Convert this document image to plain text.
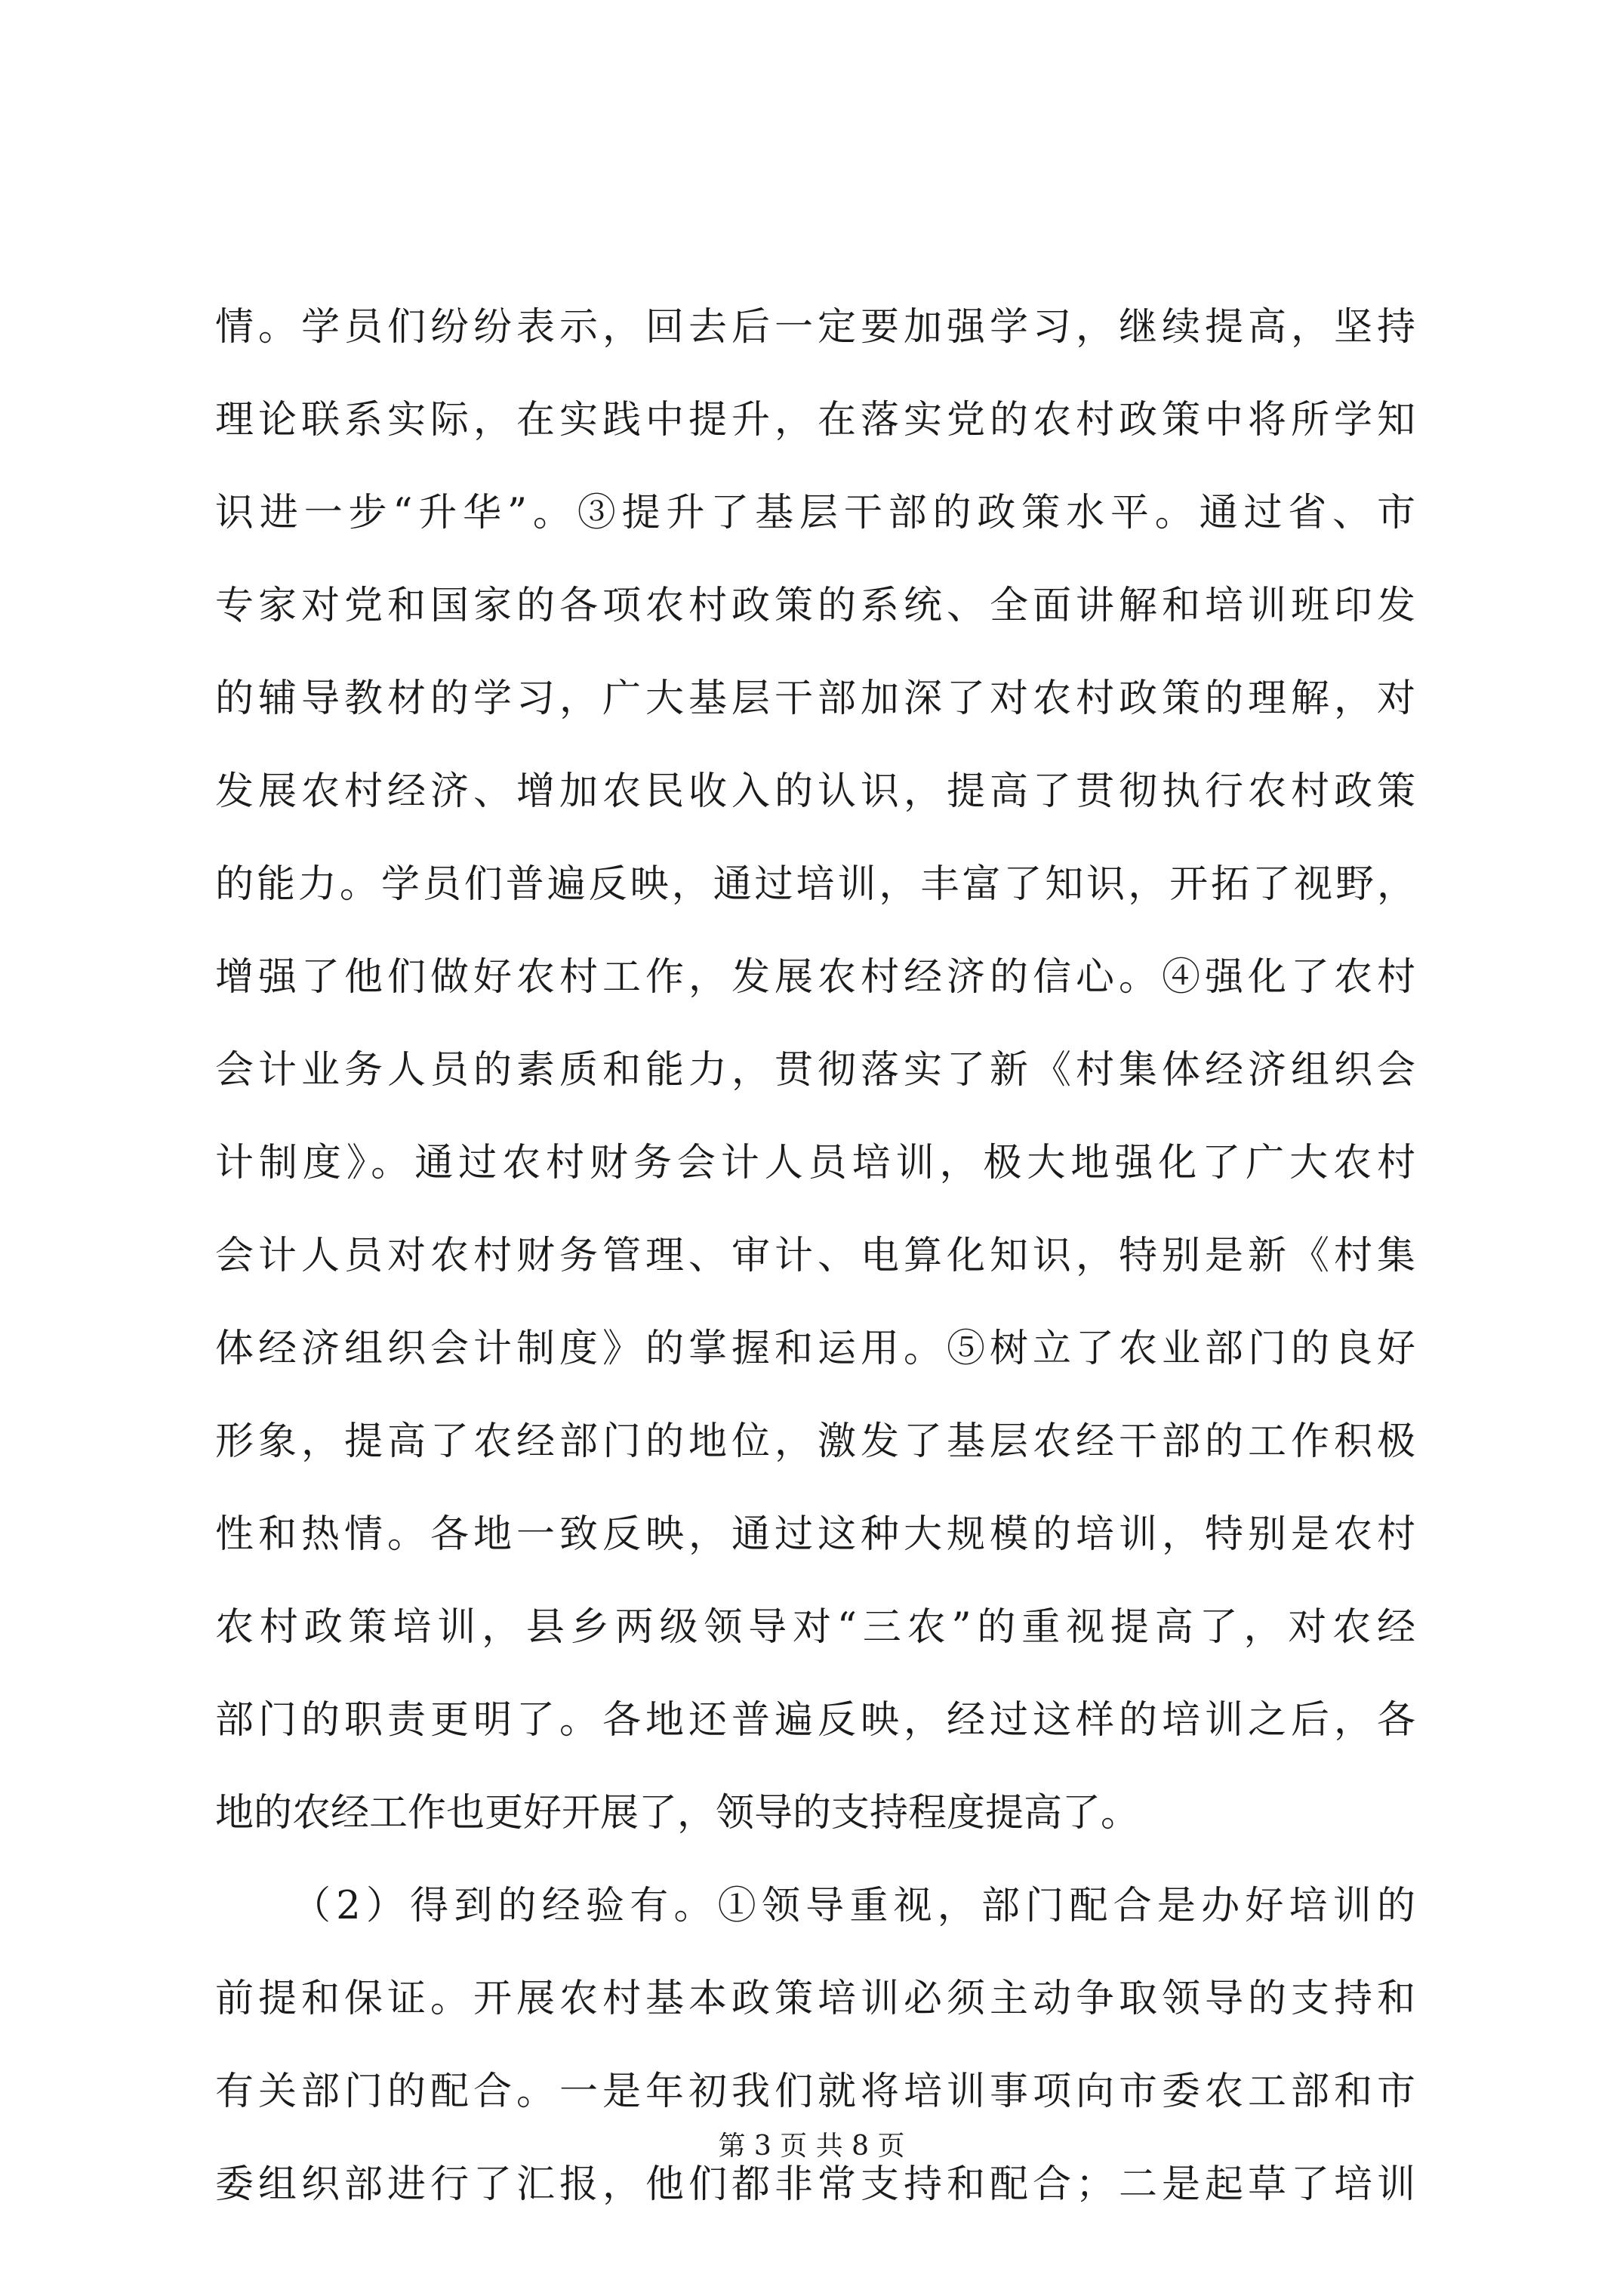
情。学员们纷纷表示，回去后一定要加强学习，继续提高，坚持
理论联系实际，在实践中提升，在落实党的农村政策中将所学知
识进一步“升华”。③提升了基层干部的政策水平。通过省、市
专家对党和国家的各项农村政策的系统、全面讲解和培训班印发
的辅导教材的学习，广大基层干部加深了对农村政策的理解，对
发展农村经济、增加农民收入的认识，提高了贯彻执行农村政策
的能力。学员们普遍反映，通过培训，丰富了知识，开拓了视野，
增强了他们做好农村工作，发展农村经济的信心。④强化了农村
会计业务人员的素质和能力，贯彻落实了新《村集体经济组织会
计制度》。通过农村财务会计人员培训，极大地强化了广大农村
会计人员对农村财务管理、审计、电算化知识，特别是新《村集
体经济组织会计制度》的掌握和运用。⑤树立了农业部门的良好
形象，提高了农经部门的地位，激发了基层农经干部的工作积极
性和热情。各地一致反映，通过这种大规模的培训，特别是农村
农村政策培训，县乡两级领导对“三农”的重视提高了，对农经
部门的职责更明了。各地还普遍反映，经过这样的培训之后，各
地的农经工作也更好开展了，领导的支持程度提高了。
（2）得到的经验有。①领导重视，部门配合是办好培训的
前提和保证。开展农村基本政策培训必须主动争取领导的支持和
有关部门的配合。一是年初我们就将培训事项向市委农工部和市
委组织部进行了汇报，他们都非常支持和配合；二是起草了培训
第 3 页 共 8 页
